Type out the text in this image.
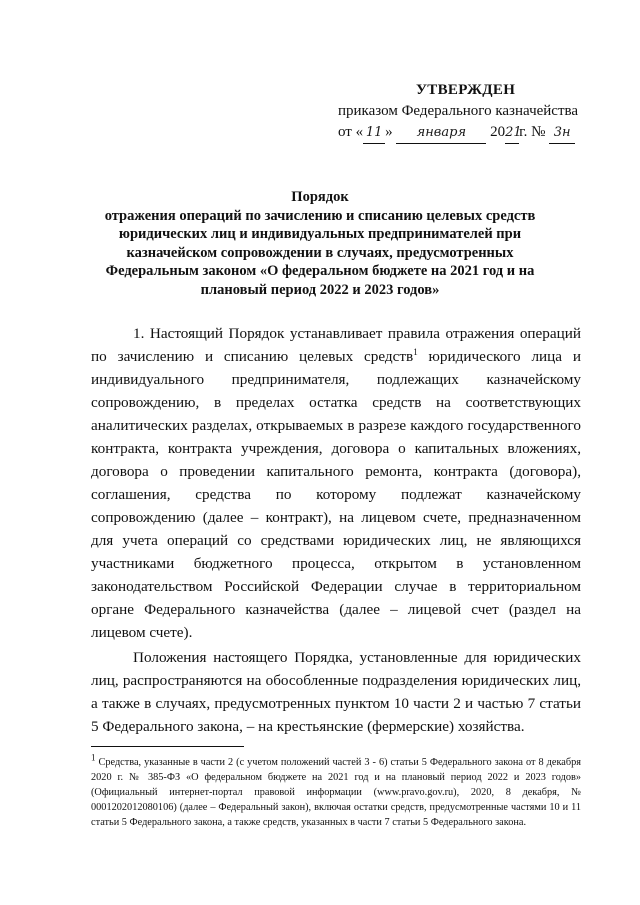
УТВЕРЖДЕН
приказом Федерального казначейства
от « 11 » января 2021г. № 3н
Порядок
отражения операций по зачислению и списанию целевых средств юридических лиц и индивидуальных предпринимателей при казначейском сопровождении в случаях, предусмотренных Федеральным законом «О федеральном бюджете на 2021 год и на плановый период 2022 и 2023 годов»

1. Настоящий Порядок устанавливает правила отражения операций по зачислению и списанию целевых средств$^1$ юридического лица и индивидуального предпринимателя, подлежащих казначейскому сопровождению, в пределах остатка средств на соответствующих аналитических разделах, открываемых в разрезе каждого государственного контракта, контракта учреждения, договора о капитальных вложениях, договора о проведении капитального ремонта, контракта (договора), соглашения, средства по которому подлежат казначейскому сопровождению (далее – контракт), на лицевом счете, предназначенном для учета операций со средствами юридических лиц, не являющихся участниками бюджетного процесса, открытом в установленном законодательством Российской Федерации случае в территориальном органе Федерального казначейства (далее – лицевой счет (раздел на лицевом счете).

Положения настоящего Порядка, установленные для юридических лиц, распространяются на обособленные подразделения юридических лиц, а также в случаях, предусмотренных пунктом 10 части 2 и частью 7 статьи 5 Федерального закона, – на крестьянские (фермерские) хозяйства.

$^1$ Средства, указанные в части 2 (с учетом положений частей 3 - 6) статьи 5 Федерального закона от 8 декабря 2020 г. № 385-ФЗ «О федеральном бюджете на 2021 год и на плановый период 2022 и 2023 годов» (Официальный интернет-портал правовой информации (www.pravo.gov.ru), 2020, 8 декабря, № 0001202012080106) (далее – Федеральный закон), включая остатки средств, предусмотренные частями 10 и 11 статьи 5 Федерального закона, а также средств, указанных в части 7 статьи 5 Федерального закона.
